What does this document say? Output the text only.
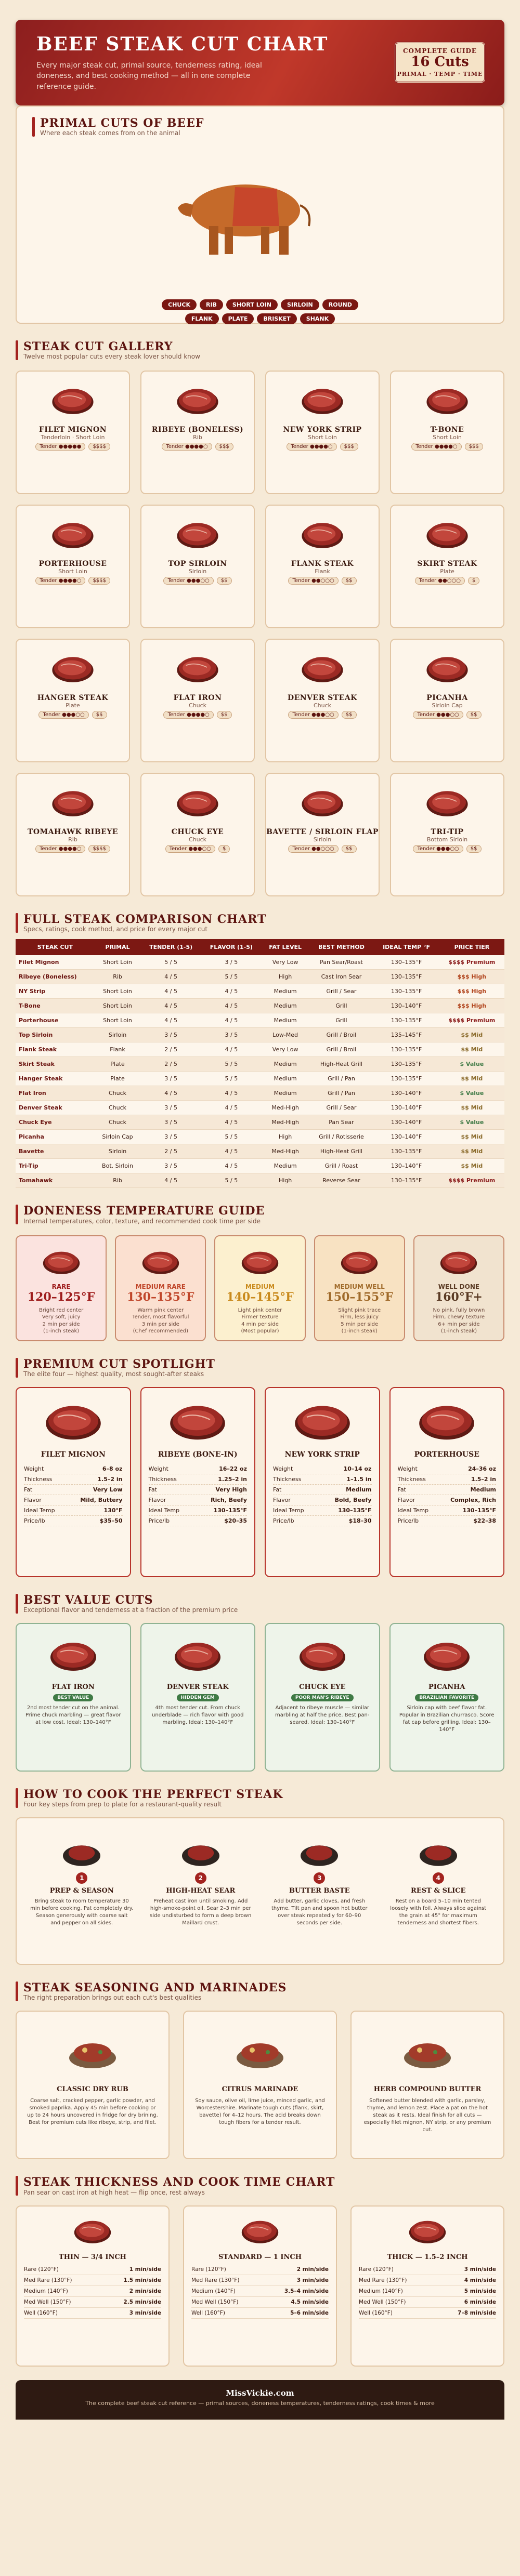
BEEF STEAK CUT CHART

Every major steak cut, primal source, tenderness rating, ideal doneness, and best cooking method — all in one complete reference guide.

COMPLETE GUIDE
16 Cuts
PRIMAL · TEMP · TIME
PRIMAL CUTS OF BEEF
Where each steak comes from on the animal
CHUCK	RIB	SHORT LOIN	SIRLOIN	ROUND
FLANK	PLATE	BRISKET	SHANK
STEAK CUT GALLERY
Twelve most popular cuts every steak lover should know
FILET MIGNON
Tenderloin · Short Loin
Tender ●●●●●	$$$$
RIBEYE (BONELESS)
Rib
Tender ●●●●○	$$$
NEW YORK STRIP
Short Loin
Tender ●●●●○	$$$
T-BONE
Short Loin
Tender ●●●●○	$$$
PORTERHOUSE
Short Loin
Tender ●●●●○	$$$$
TOP SIRLOIN
Sirloin
Tender ●●●○○	$$
FLANK STEAK
Flank
Tender ●●○○○	$$
SKIRT STEAK
Plate
Tender ●●○○○	$
HANGER STEAK
Plate
Tender ●●●○○	$$
FLAT IRON
Chuck
Tender ●●●●○	$$
DENVER STEAK
Chuck
Tender ●●●○○	$$
PICANHA
Sirloin Cap
Tender ●●●○○	$$
TOMAHAWK RIBEYE
Rib
Tender ●●●●○	$$$$
CHUCK EYE
Chuck
Tender ●●●○○	$
BAVETTE / SIRLOIN FLAP
Sirloin
Tender ●●○○○	$$
TRI-TIP
Bottom Sirloin
Tender ●●●○○	$$
FULL STEAK COMPARISON CHART
Specs, ratings, cook method, and price for every major cut
STEAK CUT	PRIMAL	TENDER (1-5)	FLAVOR (1-5)	FAT LEVEL	BEST METHOD	IDEAL TEMP °F	PRICE TIER
Filet Mignon	Short Loin	5 / 5	3 / 5	Very Low	Pan Sear/Roast	130–135°F	$$$$ Premium
Ribeye (Boneless)	Rib	4 / 5	5 / 5	High	Cast Iron Sear	130–135°F	$$$ High
NY Strip	Short Loin	4 / 5	4 / 5	Medium	Grill / Sear	130–135°F	$$$ High
T-Bone	Short Loin	4 / 5	4 / 5	Medium	Grill	130–140°F	$$$ High
Porterhouse	Short Loin	4 / 5	4 / 5	Medium	Grill	130–135°F	$$$$ Premium
Top Sirloin	Sirloin	3 / 5	3 / 5	Low-Med	Grill / Broil	135–145°F	$$ Mid
Flank Steak	Flank	2 / 5	4 / 5	Very Low	Grill / Broil	130–135°F	$$ Mid
Skirt Steak	Plate	2 / 5	5 / 5	Medium	High-Heat Grill	130–135°F	$ Value
Hanger Steak	Plate	3 / 5	5 / 5	Medium	Grill / Pan	130–135°F	$$ Mid
Flat Iron	Chuck	4 / 5	4 / 5	Medium	Grill / Pan	130–140°F	$ Value
Denver Steak	Chuck	3 / 5	4 / 5	Med-High	Grill / Sear	130–140°F	$$ Mid
Chuck Eye	Chuck	3 / 5	4 / 5	Med-High	Pan Sear	130–140°F	$ Value
Picanha	Sirloin Cap	3 / 5	5 / 5	High	Grill / Rotisserie	130–140°F	$$ Mid
Bavette	Sirloin	2 / 5	4 / 5	Med-High	High-Heat Grill	130–135°F	$$ Mid
Tri-Tip	Bot. Sirloin	3 / 5	4 / 5	Medium	Grill / Roast	130–140°F	$$ Mid
Tomahawk	Rib	4 / 5	5 / 5	High	Reverse Sear	130–135°F	$$$$ Premium
DONENESS TEMPERATURE GUIDE
Internal temperatures, color, texture, and recommended cook time per side
RARE
120–125°F
Bright red center
Very soft, juicy
2 min per side
(1-inch steak)
MEDIUM RARE
130–135°F
Warm pink center
Tender, most flavorful
3 min per side
(Chef recommended)
MEDIUM
140–145°F
Light pink center
Firmer texture
4 min per side
(Most popular)
MEDIUM WELL
150–155°F
Slight pink trace
Firm, less juicy
5 min per side
(1-inch steak)
WELL DONE
160°F+
No pink, fully brown
Firm, chewy texture
6+ min per side
(1-inch steak)
PREMIUM CUT SPOTLIGHT
The elite four — highest quality, most sought-after steaks
FILET MIGNON
Weight	6–8 oz
Thickness	1.5–2 in
Fat	Very Low
Flavor	Mild, Buttery
Ideal Temp	130°F
Price/lb	$35–50
RIBEYE (BONE-IN)
Weight	16–22 oz
Thickness	1.25–2 in
Fat	Very High
Flavor	Rich, Beefy
Ideal Temp	130–135°F
Price/lb	$20–35
NEW YORK STRIP
Weight	10–14 oz
Thickness	1–1.5 in
Fat	Medium
Flavor	Bold, Beefy
Ideal Temp	130–135°F
Price/lb	$18–30
PORTERHOUSE
Weight	24–36 oz
Thickness	1.5–2 in
Fat	Medium
Flavor	Complex, Rich
Ideal Temp	130–135°F
Price/lb	$22–38
BEST VALUE CUTS
Exceptional flavor and tenderness at a fraction of the premium price
FLAT IRON
BEST VALUE
2nd most tender cut on the animal. Prime chuck marbling — great flavor at low cost. Ideal: 130–140°F
DENVER STEAK
HIDDEN GEM
4th most tender cut. From chuck underblade — rich flavor with good marbling. Ideal: 130–140°F
CHUCK EYE
POOR MAN'S RIBEYE
Adjacent to ribeye muscle — similar marbling at half the price. Best pan-seared. Ideal: 130–140°F
PICANHA
BRAZILIAN FAVORITE
Sirloin cap with beef flavor fat. Popular in Brazilian churrasco. Score fat cap before grilling. Ideal: 130–140°F
HOW TO COOK THE PERFECT STEAK
Four key steps from prep to plate for a restaurant-quality result

1
PREP & SEASON
Bring steak to room temperature 30 min before cooking. Pat completely dry. Season generously with coarse salt and pepper on all sides.

2
HIGH-HEAT SEAR
Preheat cast iron until smoking. Add high-smoke-point oil. Sear 2–3 min per side undisturbed to form a deep brown Maillard crust.

3
BUTTER BASTE
Add butter, garlic cloves, and fresh thyme. Tilt pan and spoon hot butter over steak repeatedly for 60–90 seconds per side.

4
REST & SLICE
Rest on a board 5–10 min tented loosely with foil. Always slice against the grain at 45° for maximum tenderness and shortest fibers.
STEAK SEASONING AND MARINADES
The right preparation brings out each cut's best qualities
CLASSIC DRY RUB
Coarse salt, cracked pepper, garlic powder, and smoked paprika. Apply 45 min before cooking or up to 24 hours uncovered in fridge for dry brining. Best for premium cuts like ribeye, strip, and filet.
CITRUS MARINADE
Soy sauce, olive oil, lime juice, minced garlic, and Worcestershire. Marinate tough cuts (flank, skirt, bavette) for 4–12 hours. The acid breaks down tough fibers for a tender result.
HERB COMPOUND BUTTER
Softened butter blended with garlic, parsley, thyme, and lemon zest. Place a pat on the hot steak as it rests. Ideal finish for all cuts — especially filet mignon, NY strip, or any premium cut.
STEAK THICKNESS AND COOK TIME CHART
Pan sear on cast iron at high heat — flip once, rest always
THIN — 3/4 INCH
Rare (120°F)	1 min/side
Med Rare (130°F)	1.5 min/side
Medium (140°F)	2 min/side
Med Well (150°F)	2.5 min/side
Well (160°F)	3 min/side
STANDARD — 1 INCH
Rare (120°F)	2 min/side
Med Rare (130°F)	3 min/side
Medium (140°F)	3.5–4 min/side
Med Well (150°F)	4.5 min/side
Well (160°F)	5–6 min/side
THICK — 1.5–2 INCH
Rare (120°F)	3 min/side
Med Rare (130°F)	4 min/side
Medium (140°F)	5 min/side
Med Well (150°F)	6 min/side
Well (160°F)	7–8 min/side
MissVickie.com
The complete beef steak cut reference — primal sources, doneness temperatures, tenderness ratings, cook times & more
